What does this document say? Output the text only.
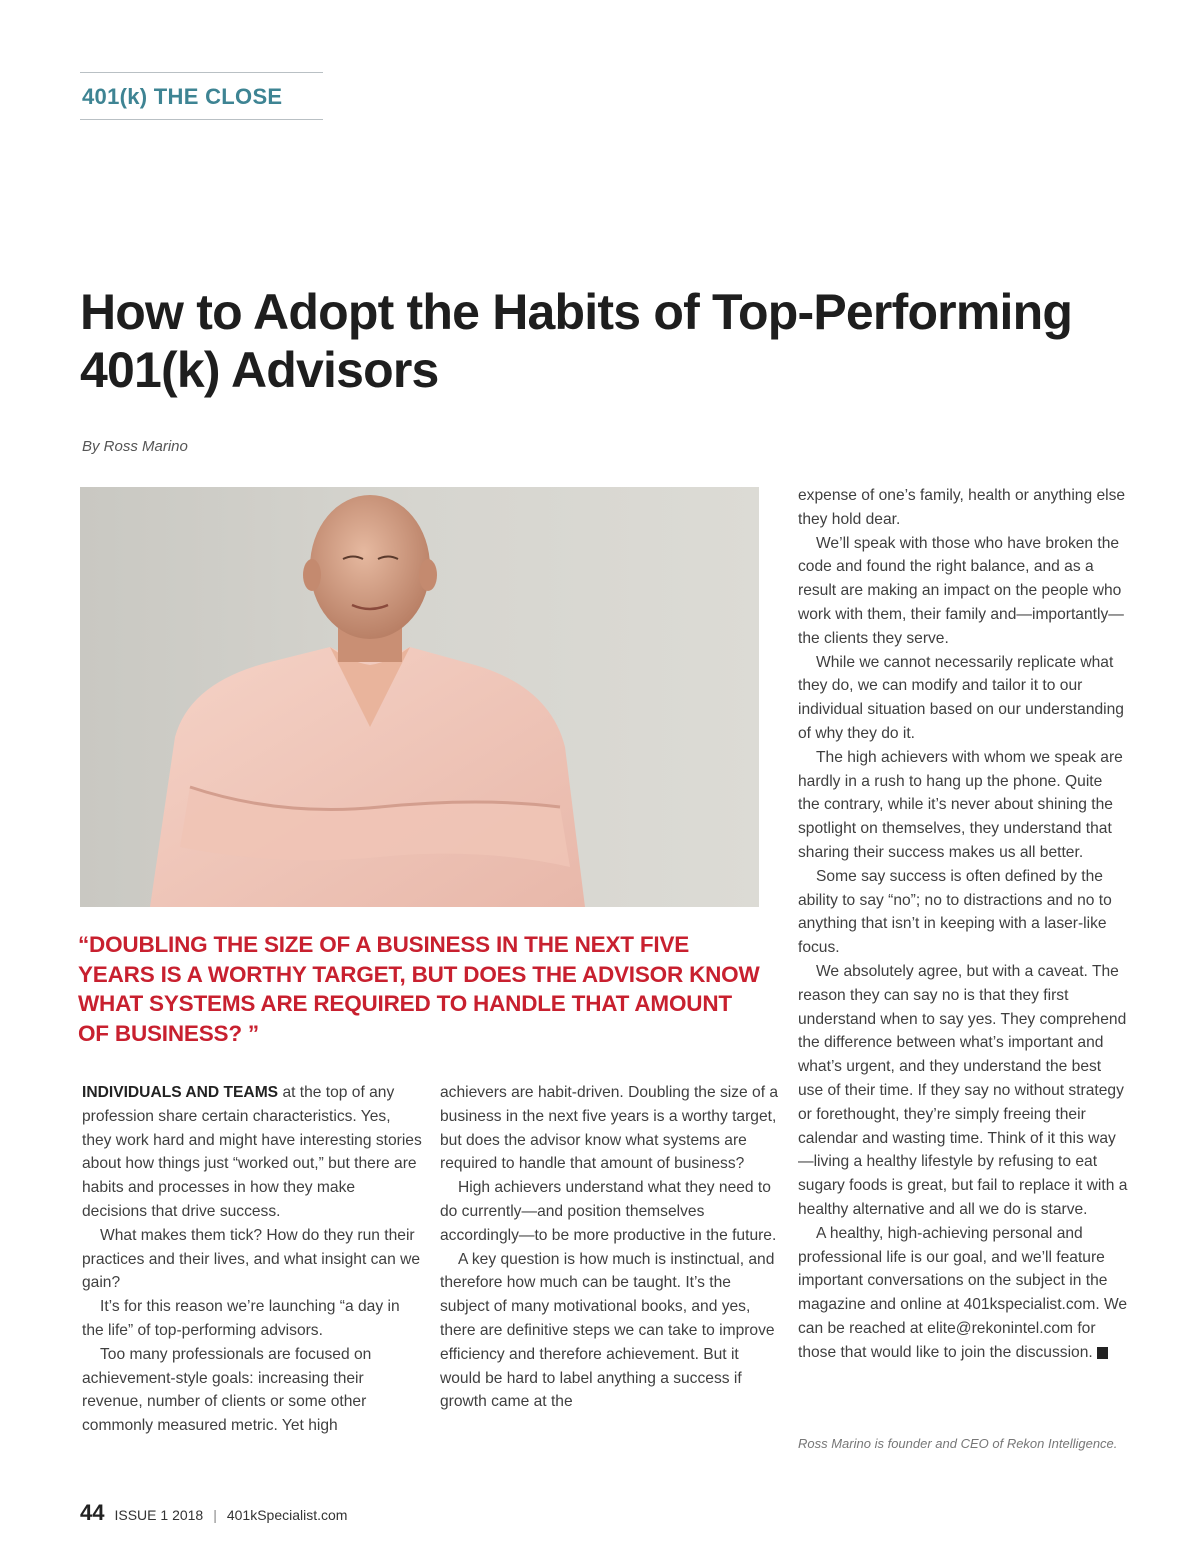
401(k) THE CLOSE
How to Adopt the Habits of Top-Performing 401(k) Advisors
By Ross Marino
“DOUBLING THE SIZE OF A BUSINESS IN THE NEXT FIVE YEARS IS A WORTHY TARGET, BUT DOES THE ADVISOR KNOW WHAT SYSTEMS ARE REQUIRED TO HANDLE THAT AMOUNT OF BUSINESS? ”

INDIVIDUALS AND TEAMS at the top of any profession share certain characteristics. Yes, they work hard and might have interesting stories about how things just “worked out,” but there are habits and processes in how they make decisions that drive success.

What makes them tick? How do they run their practices and their lives, and what insight can we gain?

It’s for this reason we’re launching “a day in the life” of top-performing advisors.

Too many professionals are focused on achievement-style goals: increasing their revenue, number of clients or some other commonly measured metric. Yet high

achievers are habit-driven. Doubling the size of a business in the next five years is a worthy target, but does the advisor know what systems are required to handle that amount of business?

High achievers understand what they need to do currently—and position themselves accordingly—to be more productive in the future.

A key question is how much is instinctual, and therefore how much can be taught. It’s the subject of many motivational books, and yes, there are definitive steps we can take to improve efficiency and therefore achievement. But it would be hard to label anything a success if growth came at the

expense of one’s family, health or anything else they hold dear.

We’ll speak with those who have broken the code and found the right balance, and as a result are making an impact on the people who work with them, their family and—importantly—the clients they serve.

While we cannot necessarily replicate what they do, we can modify and tailor it to our individual situation based on our understanding of why they do it.

The high achievers with whom we speak are hardly in a rush to hang up the phone. Quite the contrary, while it’s never about shining the spotlight on themselves, they understand that sharing their success makes us all better.

Some say success is often defined by the ability to say “no”; no to distractions and no to anything that isn’t in keeping with a laser-like focus.

We absolutely agree, but with a caveat. The reason they can say no is that they first understand when to say yes. They comprehend the difference between what’s important and what’s urgent, and they understand the best use of their time. If they say no without strategy or forethought, they’re simply freeing their calendar and wasting time. Think of it this way—living a healthy lifestyle by refusing to eat sugary foods is great, but fail to replace it with a healthy alternative and all we do is starve.

A healthy, high-achieving personal and professional life is our goal, and we’ll feature important conversations on the subject in the magazine and online at 401kspecialist.com. We can be reached at elite@rekonintel.com for those that would like to join the discussion. K

Ross Marino is founder and CEO of Rekon Intelligence.
44 ISSUE 1 2018 | 401kSpecialist.com
